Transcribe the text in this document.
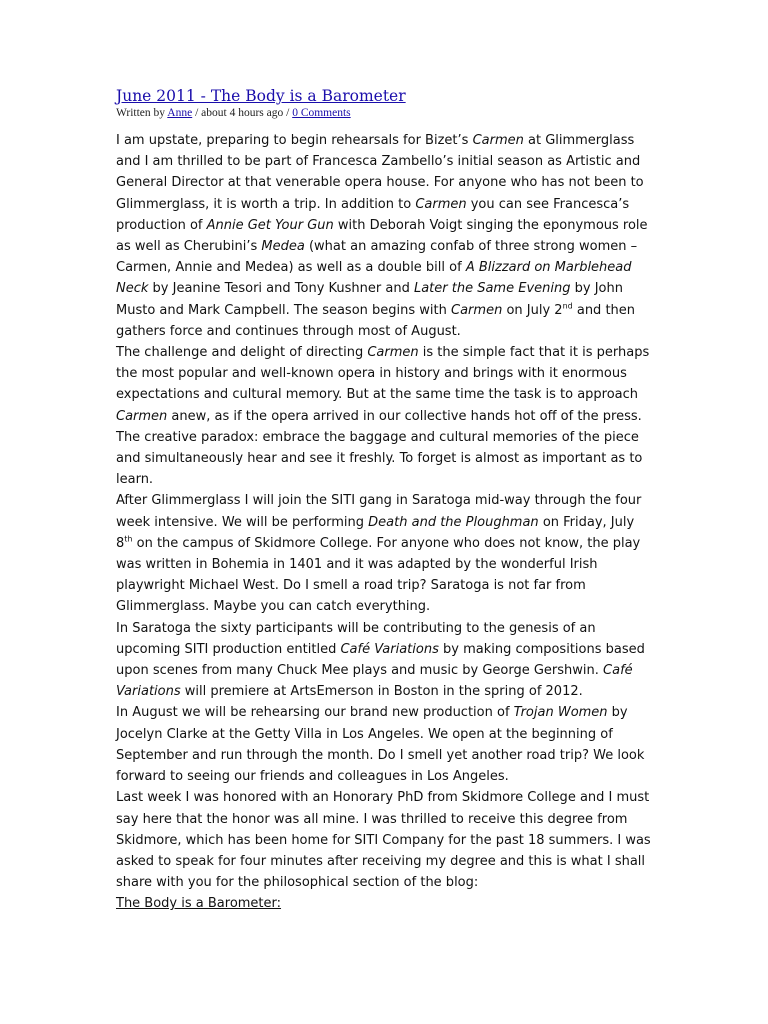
June 2011 - The Body is a Barometer
Written by Anne / about 4 hours ago / 0 Comments

I am upstate, preparing to begin rehearsals for Bizet’s Carmen at Glimmerglass
and I am thrilled to be part of Francesca Zambello’s initial season as Artistic and
General Director at that venerable opera house. For anyone who has not been to
Glimmerglass, it is worth a trip. In addition to Carmen you can see Francesca’s
production of Annie Get Your Gun with Deborah Voigt singing the eponymous role
as well as Cherubini’s Medea (what an amazing confab of three strong women –
Carmen, Annie and Medea) as well as a double bill of A Blizzard on Marblehead
Neck by Jeanine Tesori and Tony Kushner and Later the Same Evening by John
Musto and Mark Campbell. The season begins with Carmen on July 2nd and then
gathers force and continues through most of August.

The challenge and delight of directing Carmen is the simple fact that it is perhaps
the most popular and well-known opera in history and brings with it enormous
expectations and cultural memory. But at the same time the task is to approach
Carmen anew, as if the opera arrived in our collective hands hot off of the press.
The creative paradox: embrace the baggage and cultural memories of the piece
and simultaneously hear and see it freshly. To forget is almost as important as to
learn.

After Glimmerglass I will join the SITI gang in Saratoga mid-way through the four
week intensive. We will be performing Death and the Ploughman on Friday, July
8th on the campus of Skidmore College. For anyone who does not know, the play
was written in Bohemia in 1401 and it was adapted by the wonderful Irish
playwright Michael West. Do I smell a road trip? Saratoga is not far from
Glimmerglass. Maybe you can catch everything.

In Saratoga the sixty participants will be contributing to the genesis of an
upcoming SITI production entitled Café Variations by making compositions based
upon scenes from many Chuck Mee plays and music by George Gershwin. Café
Variations will premiere at ArtsEmerson in Boston in the spring of 2012.

In August we will be rehearsing our brand new production of Trojan Women by
Jocelyn Clarke at the Getty Villa in Los Angeles. We open at the beginning of
September and run through the month. Do I smell yet another road trip? We look
forward to seeing our friends and colleagues in Los Angeles.

Last week I was honored with an Honorary PhD from Skidmore College and I must
say here that the honor was all mine. I was thrilled to receive this degree from
Skidmore, which has been home for SITI Company for the past 18 summers. I was
asked to speak for four minutes after receiving my degree and this is what I shall
share with you for the philosophical section of the blog:

The Body is a Barometer:
